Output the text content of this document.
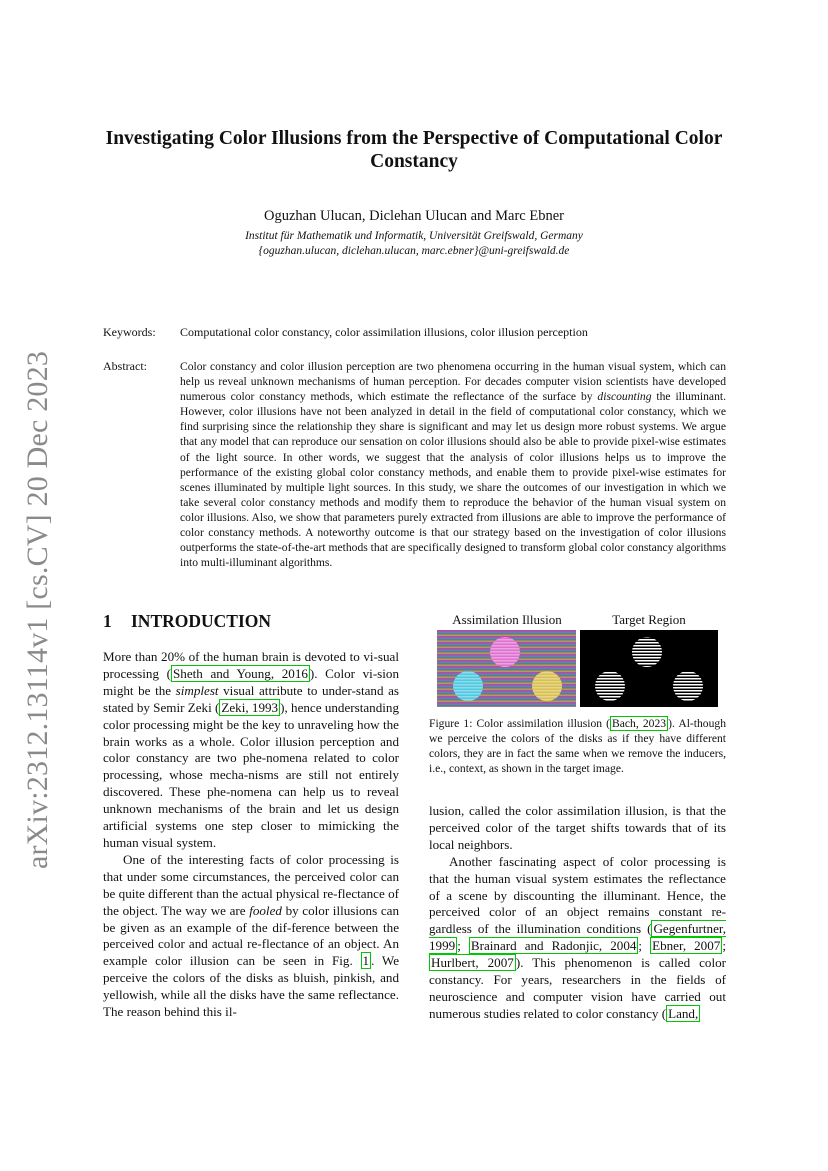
arXiv:2312.13114v1 [cs.CV] 20 Dec 2023
Investigating Color Illusions from the Perspective of Computational Color Constancy
Oguzhan Ulucan, Diclehan Ulucan and Marc Ebner
Institut für Mathematik und Informatik, Universität Greifswald, Germany
{oguzhan.ulucan, diclehan.ulucan, marc.ebner}@uni-greifswald.de
Keywords: Computational color constancy, color assimilation illusions, color illusion perception
Abstract:	Color constancy and color illusion perception are two phenomena occurring in the human visual system, which can help us reveal unknown mechanisms of human perception. For decades computer vision scientists have developed numerous color constancy methods, which estimate the reflectance of the surface by discounting the illuminant. However, color illusions have not been analyzed in detail in the field of computational color constancy, which we find surprising since the relationship they share is significant and may let us design more robust systems. We argue that any model that can reproduce our sensation on color illusions should also be able to provide pixel-wise estimates of the light source. In other words, we suggest that the analysis of color illusions helps us to improve the performance of the existing global color constancy methods, and enable them to provide pixel-wise estimates for scenes illuminated by multiple light sources. In this study, we share the outcomes of our investigation in which we take several color constancy methods and modify them to reproduce the behavior of the human visual system on color illusions. Also, we show that parameters purely extracted from illusions are able to improve the performance of color constancy methods. A noteworthy outcome is that our strategy based on the investigation of color illusions outperforms the state-of-the-art methods that are specifically designed to transform global color constancy algorithms into multi-illuminant algorithms.
1 INTRODUCTION

More than 20% of the human brain is devoted to vi-sual processing ( Sheth and Young, 2016 ). Color vi-sion might be the simplest visual attribute to under-stand as stated by Semir Zeki ( Zeki, 1993 ), hence understanding color processing might be the key to unraveling how the brain works as a whole. Color illusion perception and color constancy are two phe-nomena related to color processing, whose mecha-nisms are still not entirely discovered. These phe-nomena can help us to reveal unknown mechanisms of the brain and let us design artificial systems one step closer to mimicking the human visual system.

One of the interesting facts of color processing is that under some circumstances, the perceived color can be quite different than the actual physical re-flectance of the object. The way we are fooled by color illusions can be given as an example of the dif-ference between the perceived color and actual re-flectance of an object. An example color illusion can be seen in Fig. 1 . We perceive the colors of the disks as bluish, pinkish, and yellowish, while all the disks have the same reflectance. The reason behind this il-

Assimilation Illusion	Target Region
Figure 1: Color assimilation illusion ( Bach, 2023 ). Al-though we perceive the colors of the disks as if they have different colors, they are in fact the same when we remove the inducers, i.e., context, as shown in the target image.

lusion, called the color assimilation illusion, is that the perceived color of the target shifts towards that of its local neighbors.

Another fascinating aspect of color processing is that the human visual system estimates the reflectance of a scene by discounting the illuminant. Hence, the perceived color of an object remains constant re-gardless of the illumination conditions ( Gegenfurtner, 1999 ; Brainard and Radonjic, 2004 ; Ebner, 2007 ; Hurlbert, 2007 ). This phenomenon is called color constancy. For years, researchers in the fields of neuroscience and computer vision have carried out numerous studies related to color constancy ( Land,
